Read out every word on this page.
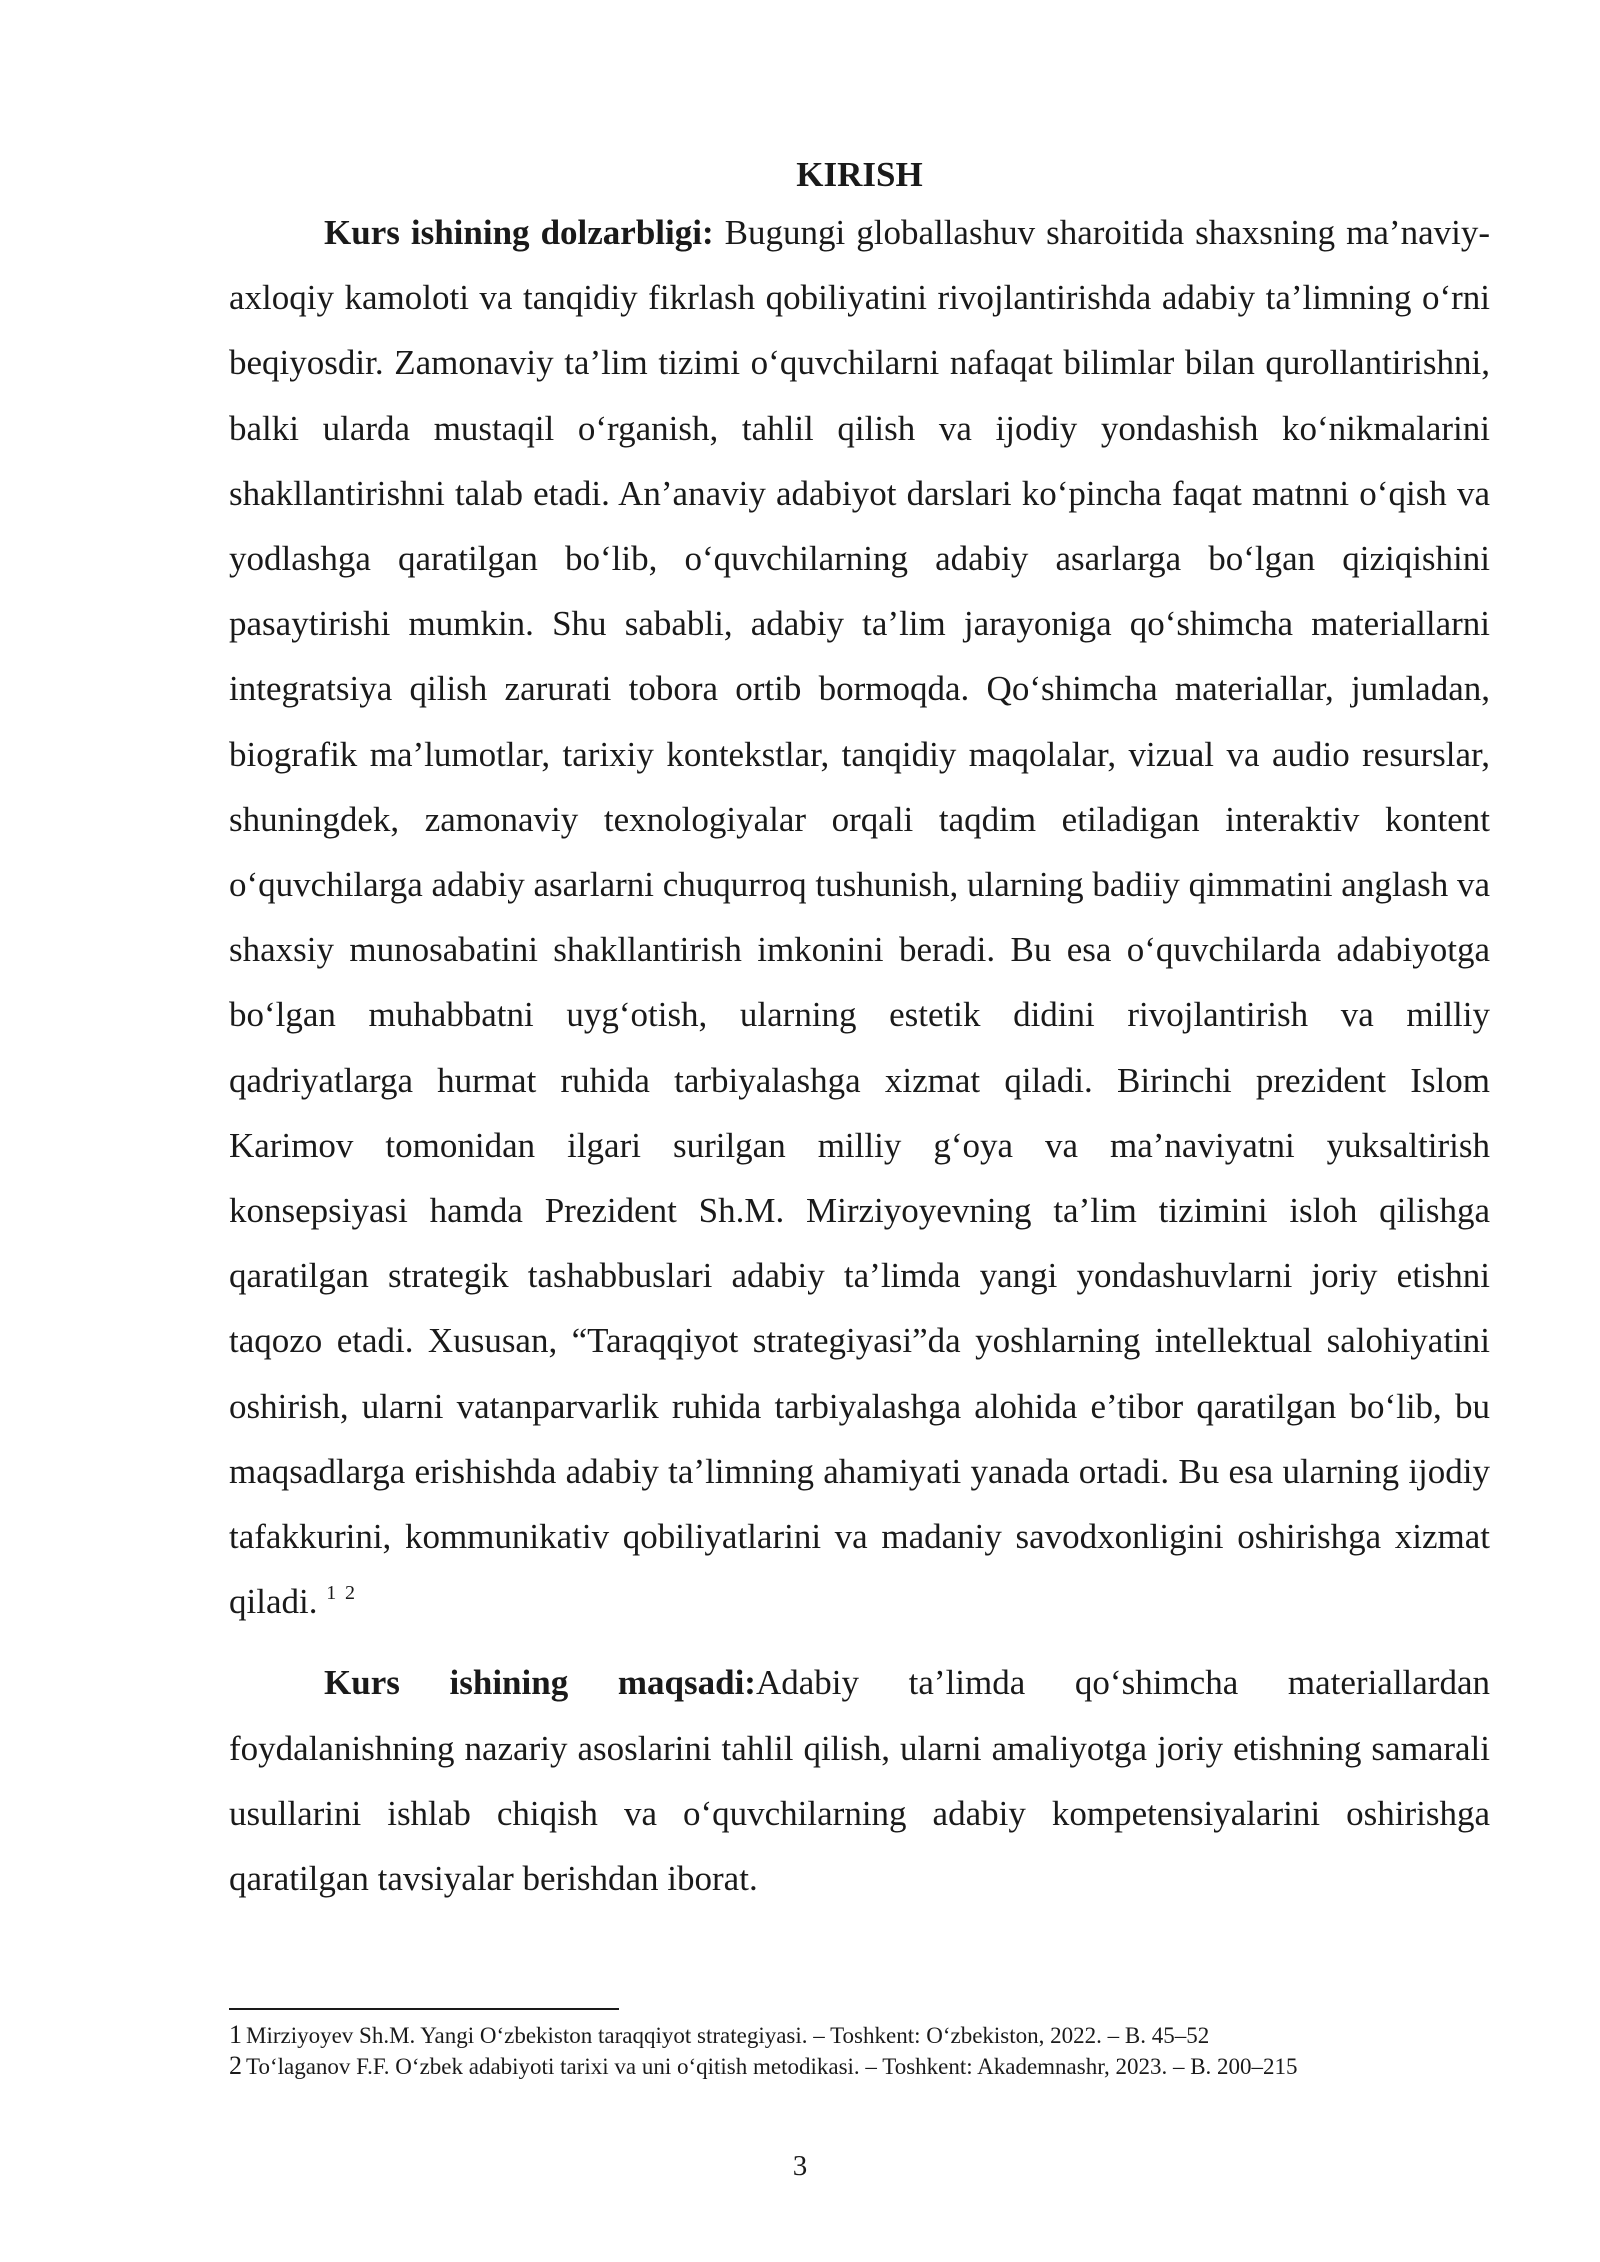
KIRISH

Kurs ishining dolzarbligi: Bugungi globallashuv sharoitida shaxsning ma’naviy-axloqiy kamoloti va tanqidiy fikrlash qobiliyatini rivojlantirishda adabiy ta’limning o‘rni beqiyosdir. Zamonaviy ta’lim tizimi o‘quvchilarni nafaqat bilimlar bilan qurollantirishni, balki ularda mustaqil o‘rganish, tahlil qilish va ijodiy yondashish ko‘nikmalarini shakllantirishni talab etadi. An’anaviy adabiyot darslari ko‘pincha faqat matnni o‘qish va yodlashga qaratilgan bo‘lib, o‘quvchilarning adabiy asarlarga bo‘lgan qiziqishini pasaytirishi mumkin. Shu sababli, adabiy ta’lim jarayoniga qo‘shimcha materiallarni integratsiya qilish zarurati tobora ortib bormoqda. Qo‘shimcha materiallar, jumladan, biografik ma’lumotlar, tarixiy kontekstlar, tanqidiy maqolalar, vizual va audio resurslar, shuningdek, zamonaviy texnologiyalar orqali taqdim etiladigan interaktiv kontent o‘quvchilarga adabiy asarlarni chuqurroq tushunish, ularning badiiy qimmatini anglash va shaxsiy munosabatini shakllantirish imkonini beradi. Bu esa o‘quvchilarda adabiyotga bo‘lgan muhabbatni uyg‘otish, ularning estetik didini rivojlantirish va milliy qadriyatlarga hurmat ruhida tarbiyalashga xizmat qiladi. Birinchi prezident Islom Karimov tomonidan ilgari surilgan milliy g‘oya va ma’naviyatni yuksaltirish konsepsiyasi hamda Prezident Sh.M. Mirziyoyevning ta’lim tizimini isloh qilishga qaratilgan strategik tashabbuslari adabiy ta’limda yangi yondashuvlarni joriy etishni taqozo etadi. Xususan, “Taraqqiyot strategiyasi”da yoshlarning intellektual salohiyatini oshirish, ularni vatanparvarlik ruhida tarbiyalashga alohida e’tibor qaratilgan bo‘lib, bu maqsadlarga erishishda adabiy ta’limning ahamiyati yanada ortadi. Bu esa ularning ijodiy tafakkurini, kommunikativ qobiliyatlarini va madaniy savodxonligini oshirishga xizmat qiladi. $^1$ $^2$

Kurs ishining maqsadi:Adabiy ta’limda qo‘shimcha materiallardan foydalanishning nazariy asoslarini tahlil qilish, ularni amaliyotga joriy etishning samarali usullarini ishlab chiqish va o‘quvchilarning adabiy kompetensiyalarini oshirishga qaratilgan tavsiyalar berishdan iborat.

1 Mirziyoyev Sh.M. Yangi O‘zbekiston taraqqiyot strategiyasi. – Toshkent: O‘zbekiston, 2022. – B. 45–52

2 To‘laganov F.F. O‘zbek adabiyoti tarixi va uni o‘qitish metodikasi. – Toshkent: Akademnashr, 2023. – B. 200–215

3
